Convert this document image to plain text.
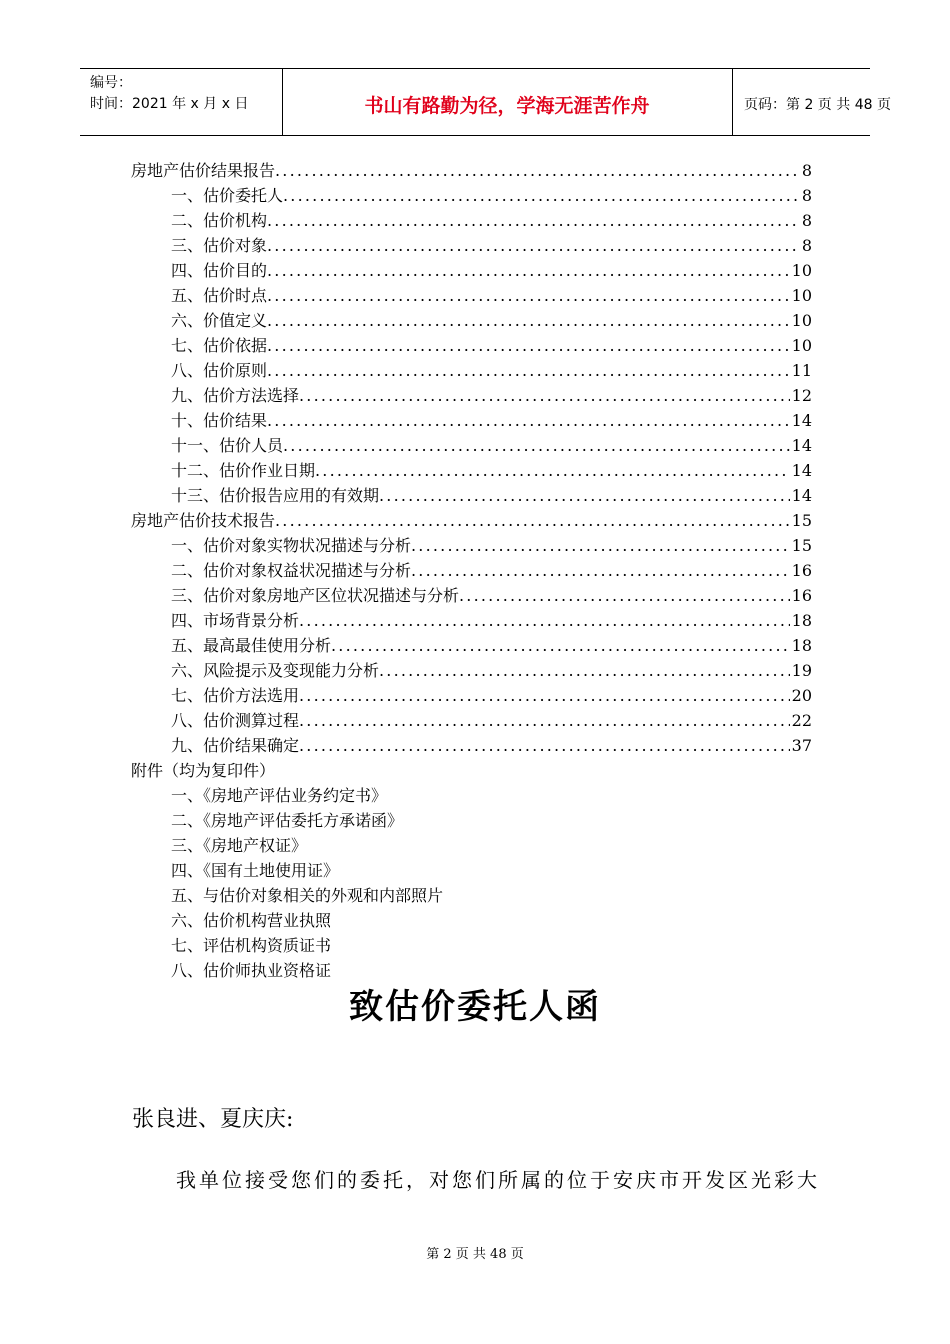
编号：
时间：2021 年 x 月 x 日	书山有路勤为径，学海无涯苦作舟	页码：第 2 页 共 48 页
房地产估价结果报告 .....	8
一、估价委托人 .....	8
二、估价机构 .....	8
三、估价对象 .....	8
四、估价目的 .....	10
五、估价时点 .....	10
六、价值定义 .....	10
七、估价依据 .....	10
八、估价原则 .....	11
九、估价方法选择 .....	12
十、估价结果 .....	14
十一、估价人员 .....	14
十二、估价作业日期 .....	14
十三、估价报告应用的有效期 .....	14
房地产估价技术报告 .....	15
一、估价对象实物状况描述与分析 .....	15
二、估价对象权益状况描述与分析 .....	16
三、估价对象房地产区位状况描述与分析 .....	16
四、市场背景分析 .....	18
五、最高最佳使用分析 .....	18
六、风险提示及变现能力分析 .....	19
七、估价方法选用 .....	20
八、估价测算过程 .....	22
九、估价结果确定 .....	37
附件（均为复印件）
一、《房地产评估业务约定书》
二、《房地产评估委托方承诺函》
三、《房地产权证》
四、《国有土地使用证》
五、与估价对象相关的外观和内部照片
六、估价机构营业执照
七、评估机构资质证书
八、估价师执业资格证
致估价委托人函
张良进、夏庆庆:
我单位接受您们的委托，对您们所属的位于安庆市开发区光彩大
第 2 页 共 48 页
